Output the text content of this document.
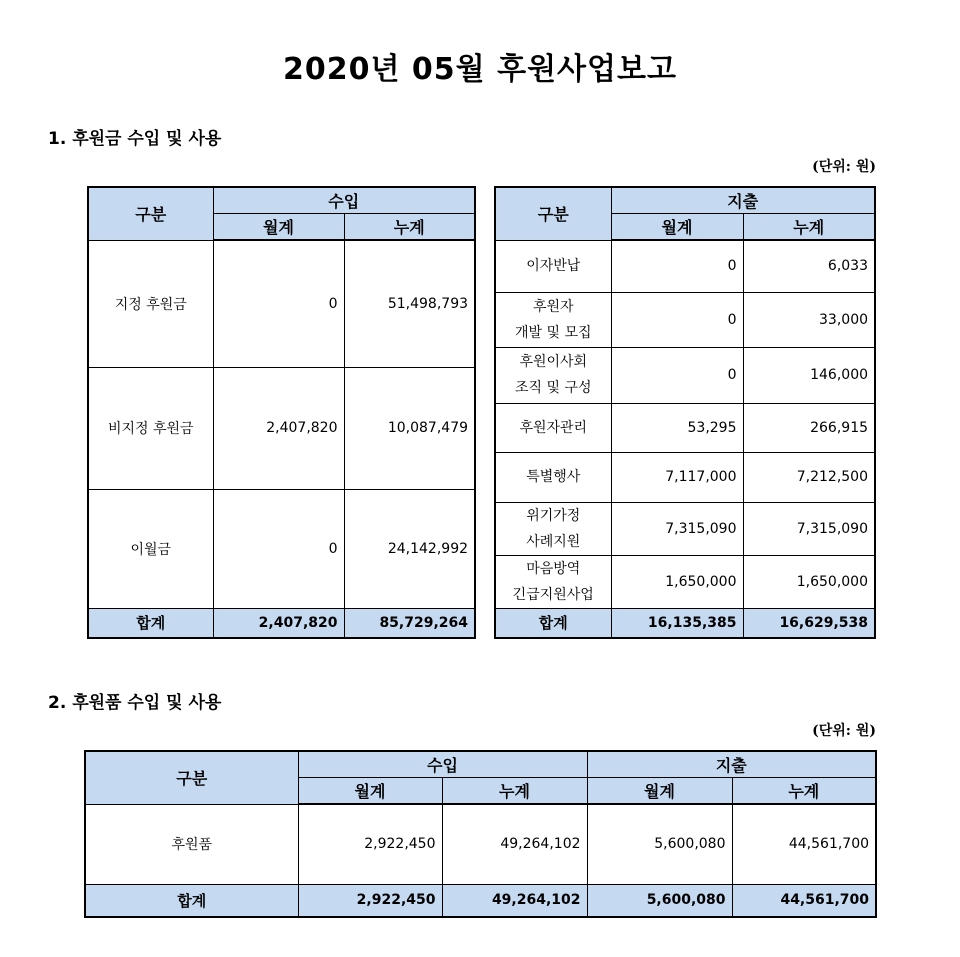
2020년 05월 후원사업보고
1. 후원금 수입 및 사용
(단위: 원)
구분	수입	
	월계	누계
지정 후원금	0	51,498,793
비지정 후원금	2,407,820	10,087,479
이월금	0	24,142,992
합계	2,407,820	85,729,264
구분	지출	
	월계	누계
이자반납	0	6,033
후원자
개발 및 모집	0	33,000
후원이사회
조직 및 구성	0	146,000
후원자관리	53,295	266,915
특별행사	7,117,000	7,212,500
위기가정
사례지원	7,315,090	7,315,090
마음방역
긴급지원사업	1,650,000	1,650,000
합계	16,135,385	16,629,538
2. 후원품 수입 및 사용
(단위: 원)
구분	수입		지출	
	월계	누계	월계	누계
후원품	2,922,450	49,264,102	5,600,080	44,561,700
합계	2,922,450	49,264,102	5,600,080	44,561,700
